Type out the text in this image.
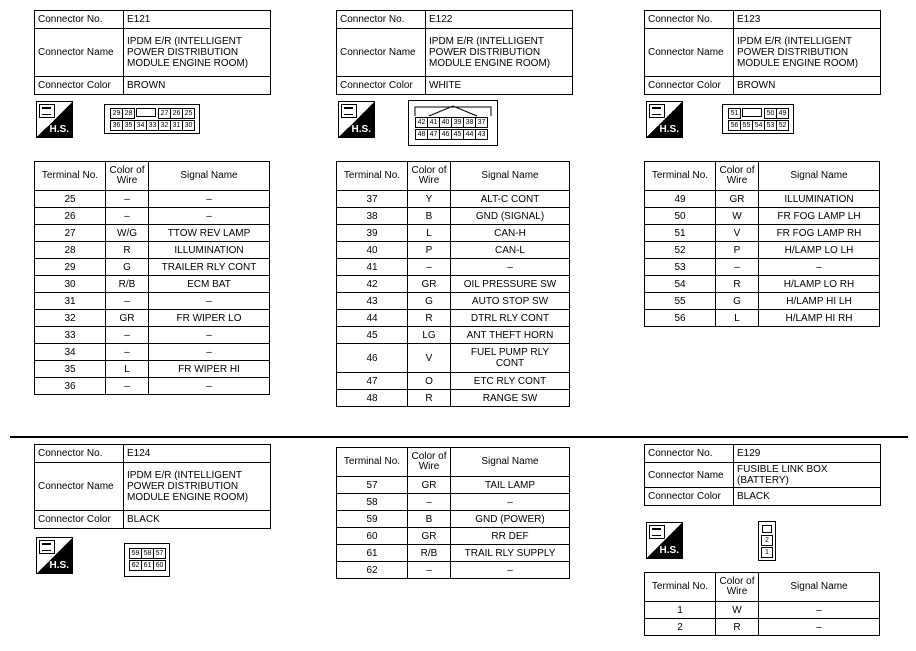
Connector No.	E121
Connector Name	IPDM E/R (INTELLIGENT
POWER DISTRIBUTION
MODULE ENGINE ROOM)
Connector Color	BROWN
H.S.
29 28	27 26 25
36 35 34 33 32 31 30
Terminal No.	Color of Wire	Signal Name
25	–	–
26	–	–
27	W/G	TTOW REV LAMP
28	R	ILLUMINATION
29	G	TRAILER RLY CONT
30	R/B	ECM BAT
31	–	–
32	GR	FR WIPER LO
33	–	–
34	–	–
35	L	FR WIPER HI
36	–	–
Connector No.	E122
Connector Name	IPDM E/R (INTELLIGENT
POWER DISTRIBUTION
MODULE ENGINE ROOM)
Connector Color	WHITE
H.S.
42 41 40 39 38 37
48 47 46 45 44 43
Terminal No.	Color of Wire	Signal Name
37	Y	ALT-C CONT
38	B	GND (SIGNAL)
39	L	CAN-H
40	P	CAN-L
41	–	–
42	GR	OIL PRESSURE SW
43	G	AUTO STOP SW
44	R	DTRL RLY CONT
45	LG	ANT THEFT HORN
46	V	FUEL PUMP RLY CONT
47	O	ETC RLY CONT
48	R	RANGE SW
Connector No.	E123
Connector Name	IPDM E/R (INTELLIGENT
POWER DISTRIBUTION
MODULE ENGINE ROOM)
Connector Color	BROWN
H.S.
51	50 49
56 55 54 53 52
Terminal No.	Color of Wire	Signal Name
49	GR	ILLUMINATION
50	W	FR FOG LAMP LH
51	V	FR FOG LAMP RH
52	P	H/LAMP LO LH
53	–	–
54	R	H/LAMP LO RH
55	G	H/LAMP HI LH
56	L	H/LAMP HI RH
Connector No.	E124
Connector Name	IPDM E/R (INTELLIGENT
POWER DISTRIBUTION
MODULE ENGINE ROOM)
Connector Color	BLACK
H.S.
59 58 57
62 61 60
Terminal No.	Color of Wire	Signal Name
57	GR	TAIL LAMP
58	–	–
59	B	GND (POWER)
60	GR	RR DEF
61	R/B	TRAIL RLY SUPPLY
62	–	–
Connector No.	E129
Connector Name	FUSIBLE LINK BOX
(BATTERY)
Connector Color	BLACK
H.S.
2
1
Terminal No.	Color of Wire	Signal Name
1	W	–
2	R	–
